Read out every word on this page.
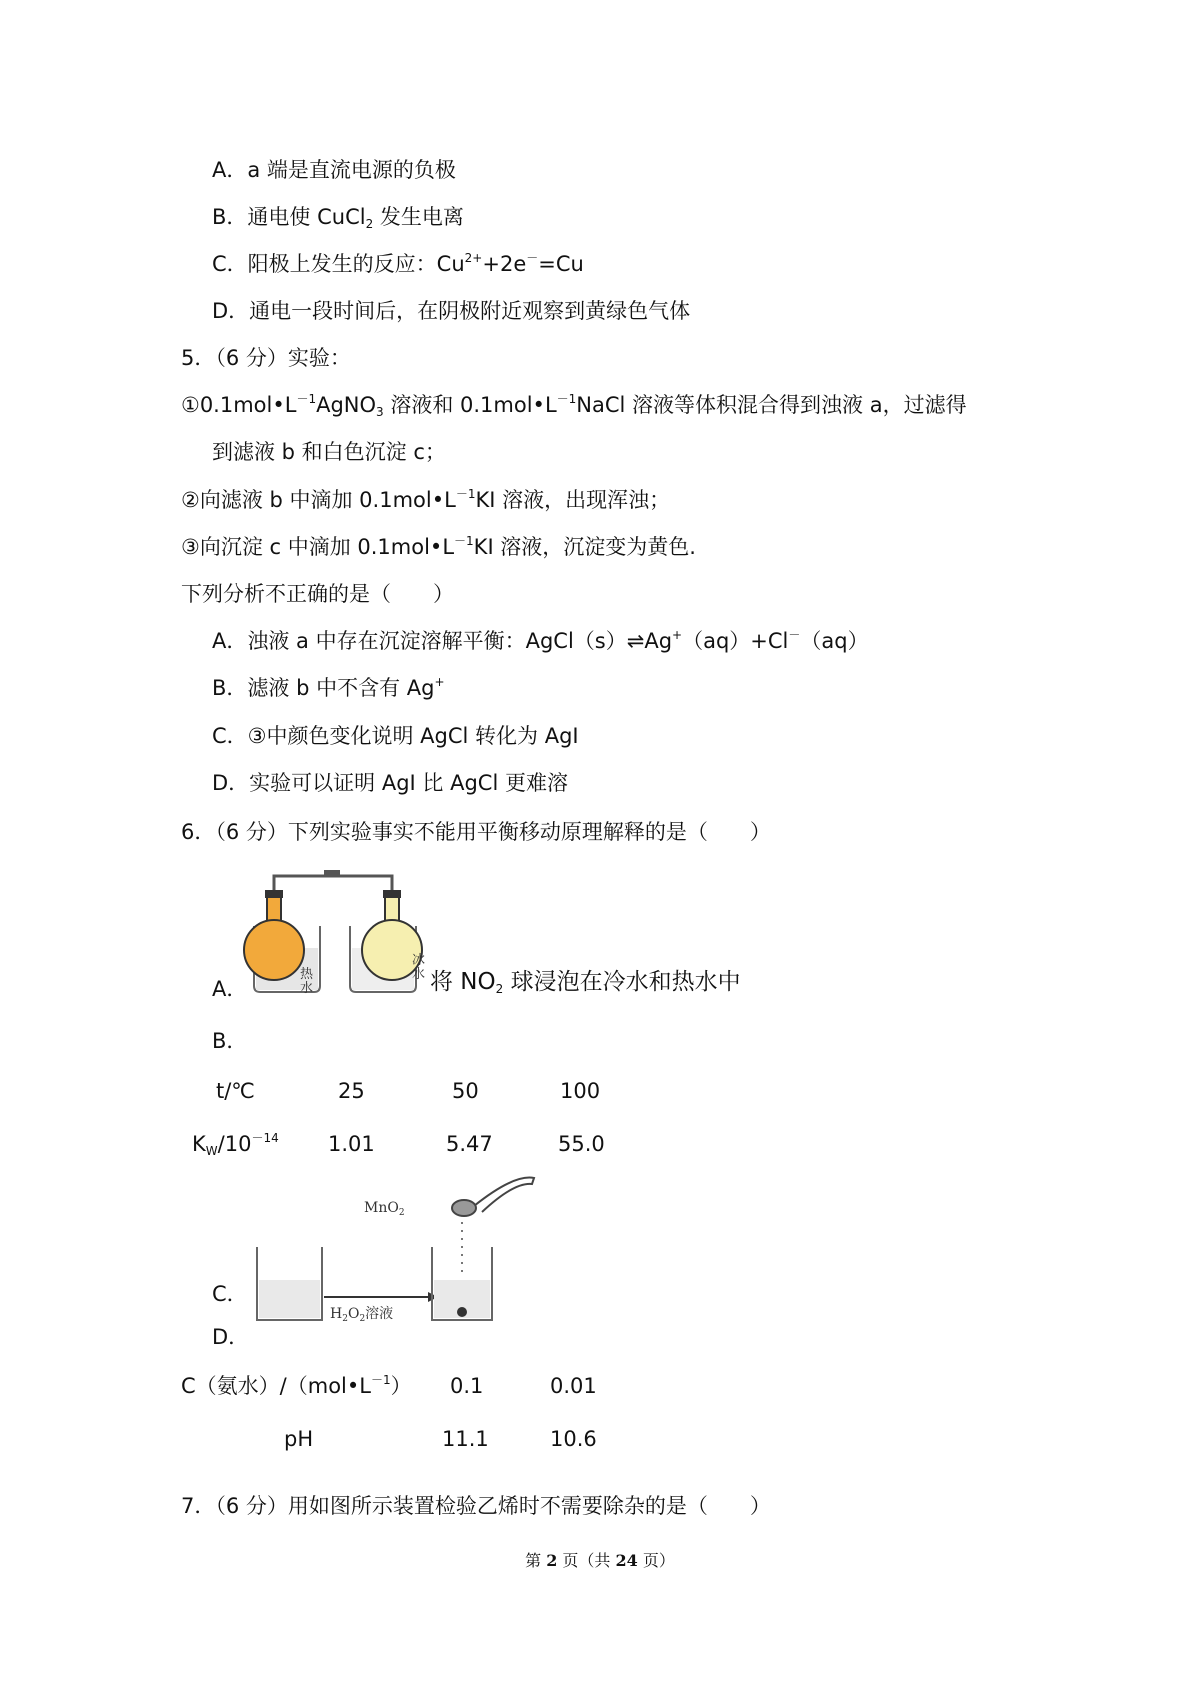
A．a 端是直流电源的负极
B．通电使 CuCl$_2$ 发生电离
C．阳极上发生的反应：$Cu^{2+}+2e^-=Cu$
D．通电一段时间后，在阴极附近观察到黄绿色气体
5．（6 分）实验：
$①0.1mol•L^{-1}AgNO_3$ 溶液和 $0.1mol•L^{-1}NaCl$ 溶液等体积混合得到浊液 a，过滤得
到滤液 b 和白色沉淀 c；
②向滤液 b 中滴加 $0.1mol•L^{-1}KI$ 溶液，出现浑浊；
③向沉淀 c 中滴加 $0.1mol•L^{-1}KI$ 溶液，沉淀变为黄色.
下列分析不正确的是（　　）
A．浊液 a 中存在沉淀溶解平衡：AgCl（s）⇌Ag+（aq）+Cl－（aq）
B．滤液 b 中不含有 Ag+
C．③中颜色变化说明 AgCl 转化为 AgI
D．实验可以证明 AgI 比 AgCl 更难溶
6．（6 分）下列实验事实不能用平衡移动原理解释的是（　　）
热
水
冰
水
A．	将 $NO_2$ 球浸泡在冷水和热水中
B．
t/℃	25	50	100
$K_W/10^{-14}$ 1.01	5.47	55.0
$H_2O_2$溶液
MnO$_2$
C．
D．
C（氨水）$/(mol•L^{-1})$ 0.1	0.01
pH	11.1	10.6
7．（6 分）用如图所示装置检验乙烯时不需要除杂的是（　　）
第 2 页（共 24 页）
